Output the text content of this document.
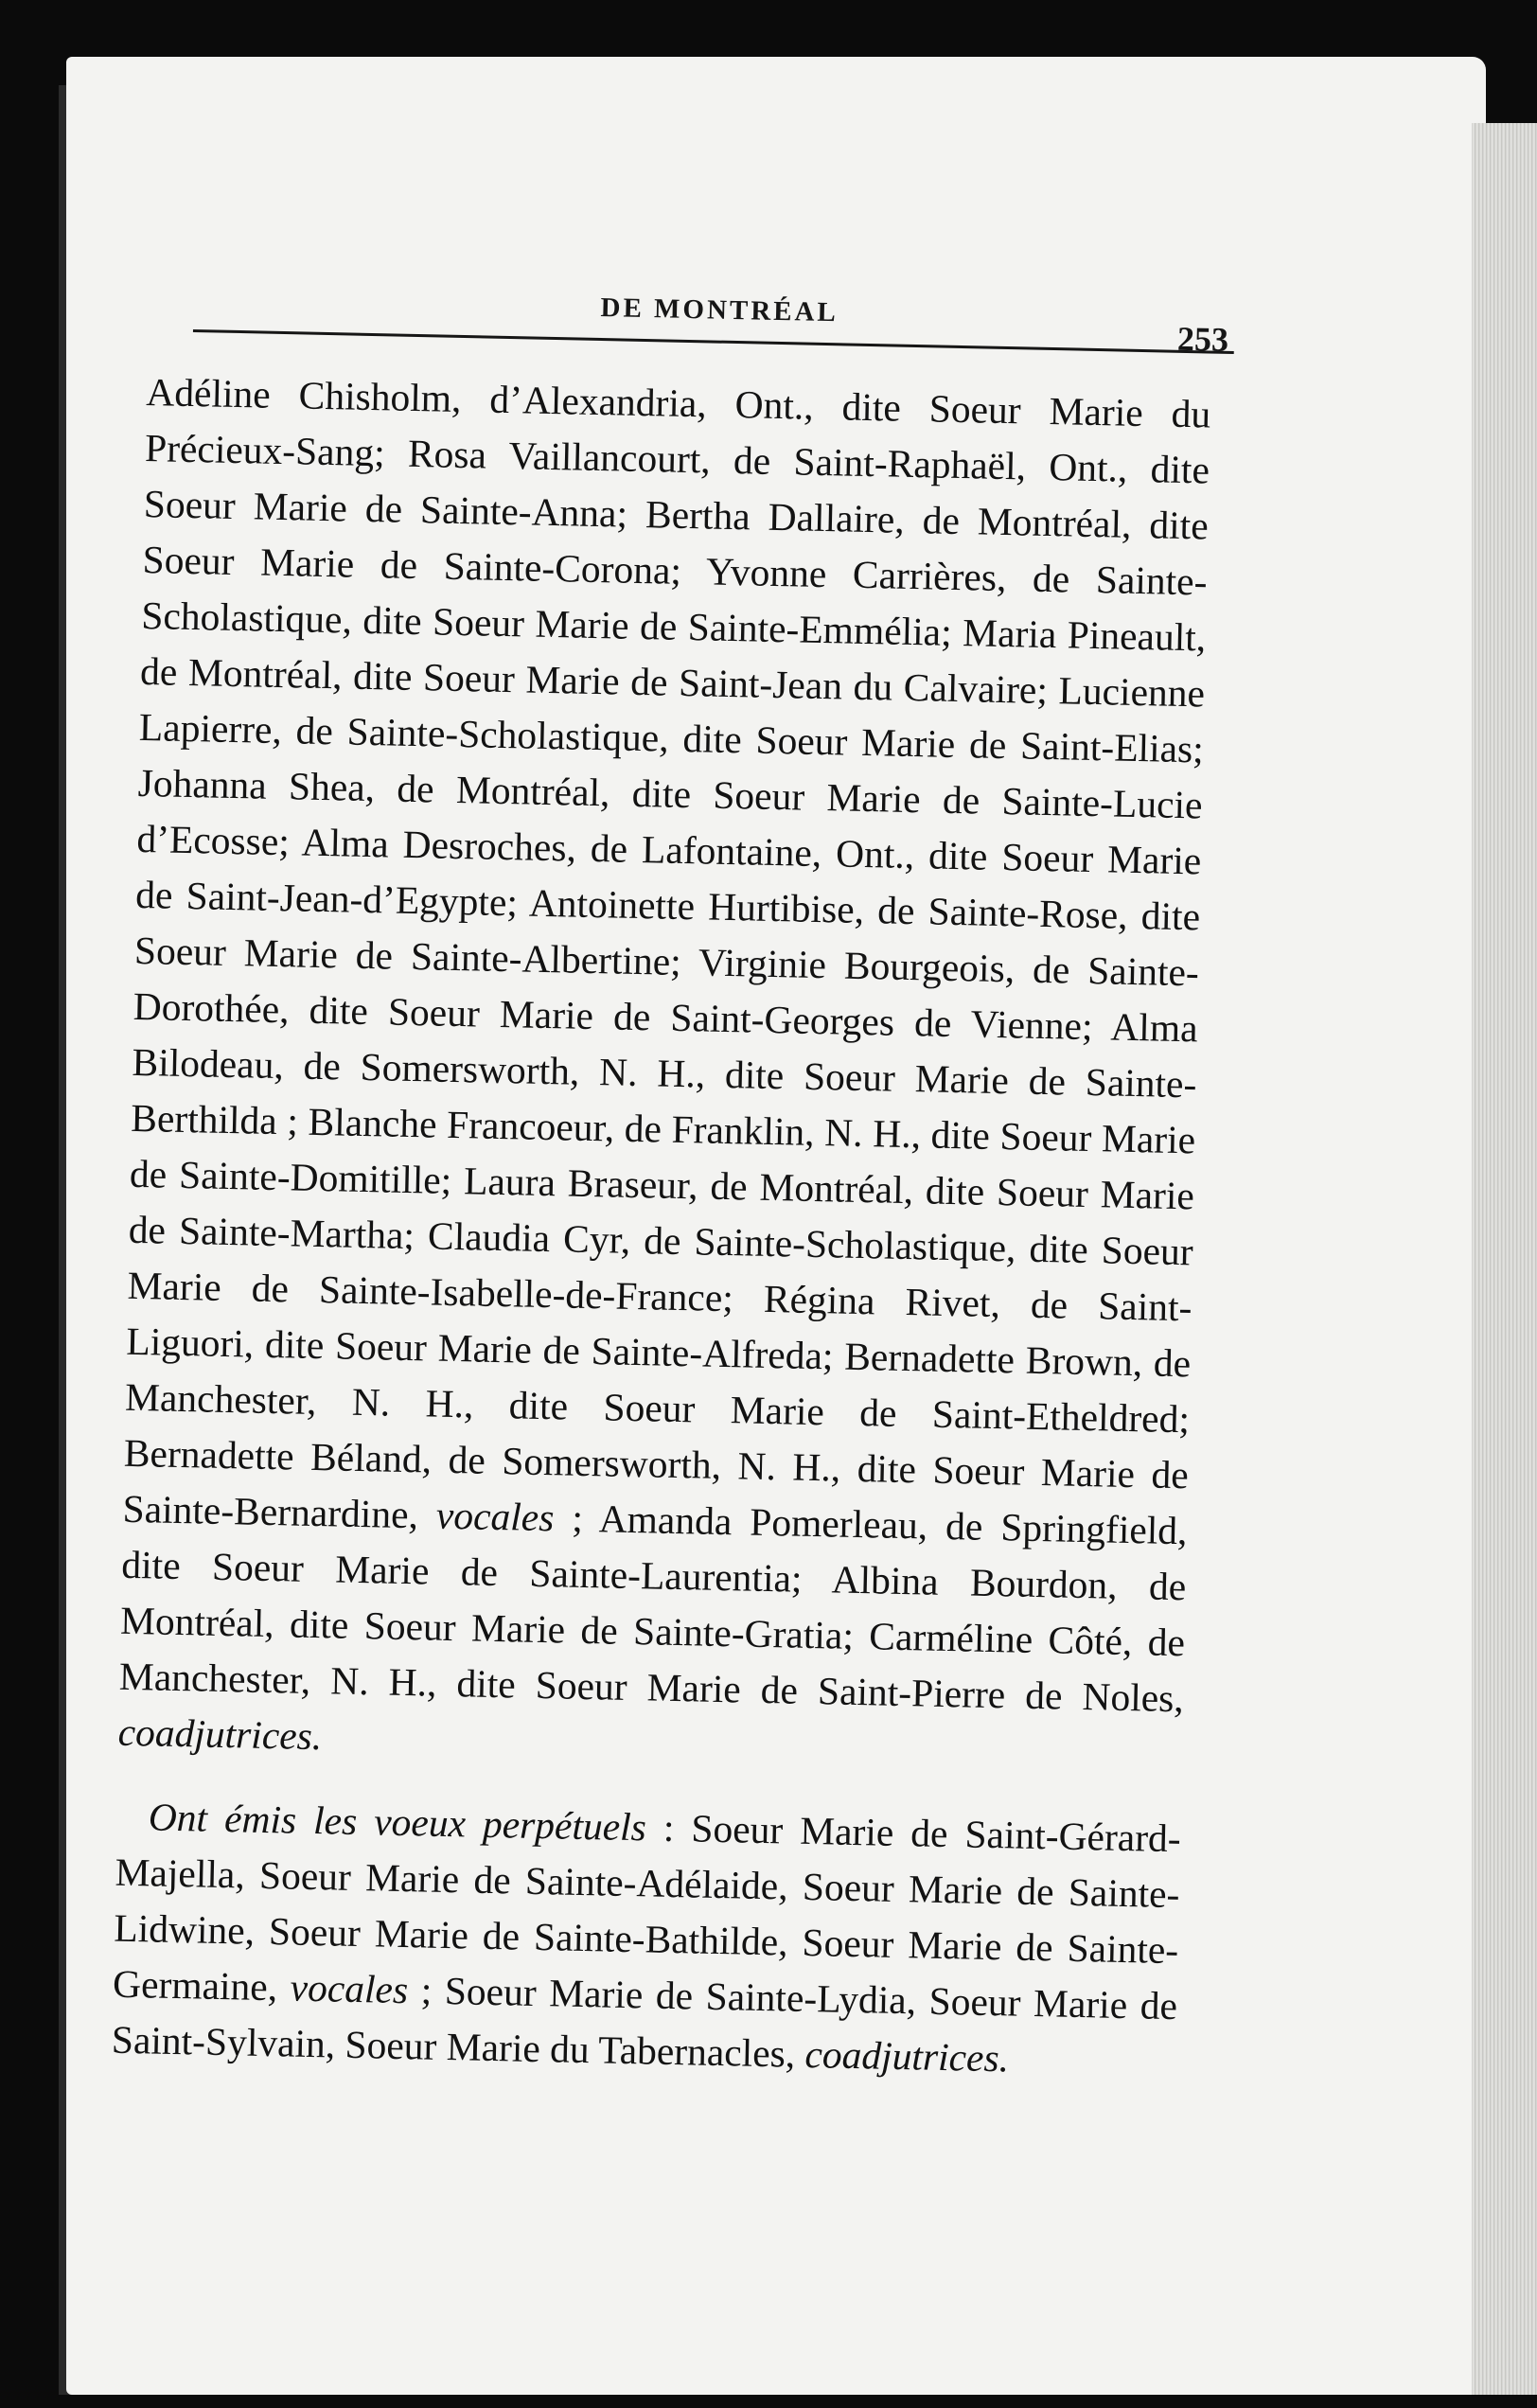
DE MONTRÉAL
253

Adéline Chisholm, d’Alexandria, Ont., dite Soeur Marie du Précieux-Sang; Rosa Vaillancourt, de Saint-Raphaël, Ont., dite Soeur Marie de Sainte-Anna; Bertha Dallaire, de Montréal, dite Soeur Marie de Sainte-Corona; Yvonne Carrières, de Sainte-Scholastique, dite Soeur Marie de Sainte-Emmélia; Maria Pineault, de Montréal, dite Soeur Marie de Saint-Jean du Calvaire; Lucienne Lapierre, de Sainte-Scholastique, dite Soeur Marie de Saint-Elias; Johanna Shea, de Montréal, dite Soeur Marie de Sainte-Lucie d’Ecosse; Alma Desroches, de Lafontaine, Ont., dite Soeur Marie de Saint-Jean-d’Egypte; Antoinette Hurtibise, de Sainte-Rose, dite Soeur Marie de Sainte-Albertine; Virginie Bourgeois, de Sainte-Dorothée, dite Soeur Marie de Saint-Georges de Vienne; Alma Bilodeau, de Somersworth, N. H., dite Soeur Marie de Sainte-Berthilda ; Blanche Francoeur, de Franklin, N. H., dite Soeur Marie de Sainte-Domitille; Laura Braseur, de Montréal, dite Soeur Marie de Sainte-Martha; Claudia Cyr, de Sainte-Scholastique, dite Soeur Marie de Sainte-Isabelle-de-France; Régina Rivet, de Saint-Liguori, dite Soeur Marie de Sainte-Alfreda; Bernadette Brown, de Manchester, N. H., dite Soeur Marie de Saint-Etheldred; Bernadette Béland, de Somersworth, N. H., dite Soeur Marie de Sainte-Bernardine, vocales ; Amanda Pomerleau, de Springfield, dite Soeur Marie de Sainte-Laurentia; Albina Bourdon, de Montréal, dite Soeur Marie de Sainte-Gratia; Carméline Côté, de Manchester, N. H., dite Soeur Marie de Saint-Pierre de Noles, coadjutrices.

Ont émis les voeux perpétuels : Soeur Marie de Saint-Gérard-Majella, Soeur Marie de Sainte-Adélaide, Soeur Marie de Sainte-Lidwine, Soeur Marie de Sainte-Bathilde, Soeur Marie de Sainte-Germaine, vocales ; Soeur Marie de Sainte-Lydia, Soeur Marie de Saint-Sylvain, Soeur Marie du Tabernacles, coadjutrices.
